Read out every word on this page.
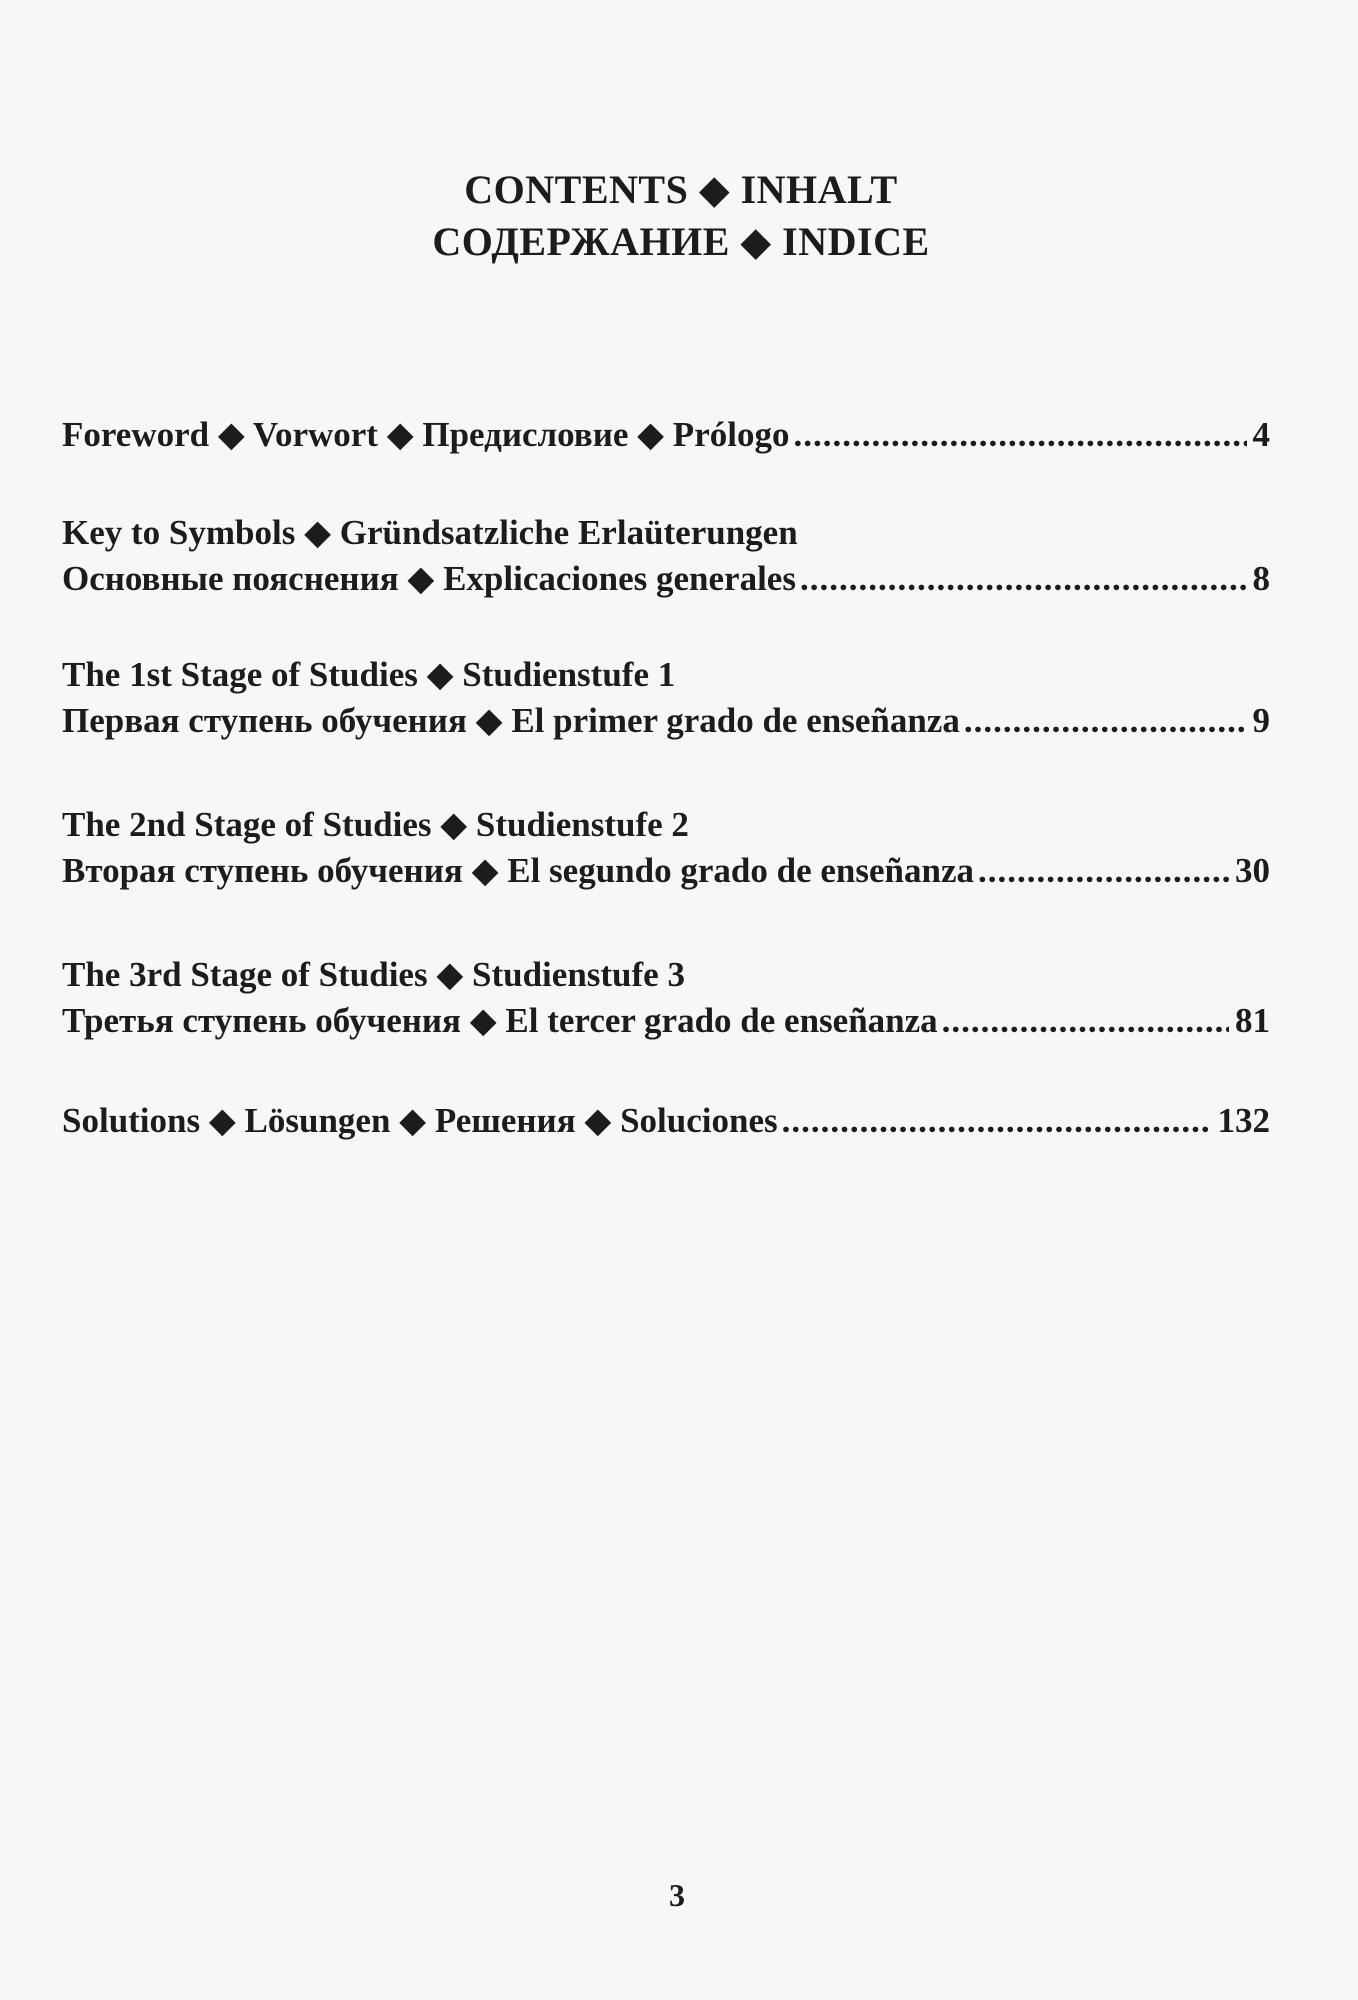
CONTENTS ◆ INHALT
СОДЕРЖАНИЕ ◆ INDICE
Foreword ◆ Vorwort ◆ Предисловие ◆ Prólogo .....	4
Key to Symbols ◆ Gründsatzliche Erlaüterungen
Основные пояснения ◆ Explicaciones generales .....	8
The 1st Stage of Studies ◆ Studienstufe 1
Первая ступень обучения ◆ El primer grado de enseñanza .....	9
The 2nd Stage of Studies ◆ Studienstufe 2
Вторая ступень обучения ◆ El segundo grado de enseñanza .....	30
The 3rd Stage of Studies ◆ Studienstufe 3
Третья ступень обучения ◆ El tercer grado de enseñanza .....	81
Solutions ◆ Lösungen ◆ Решения ◆ Soluciones .....	132
3
